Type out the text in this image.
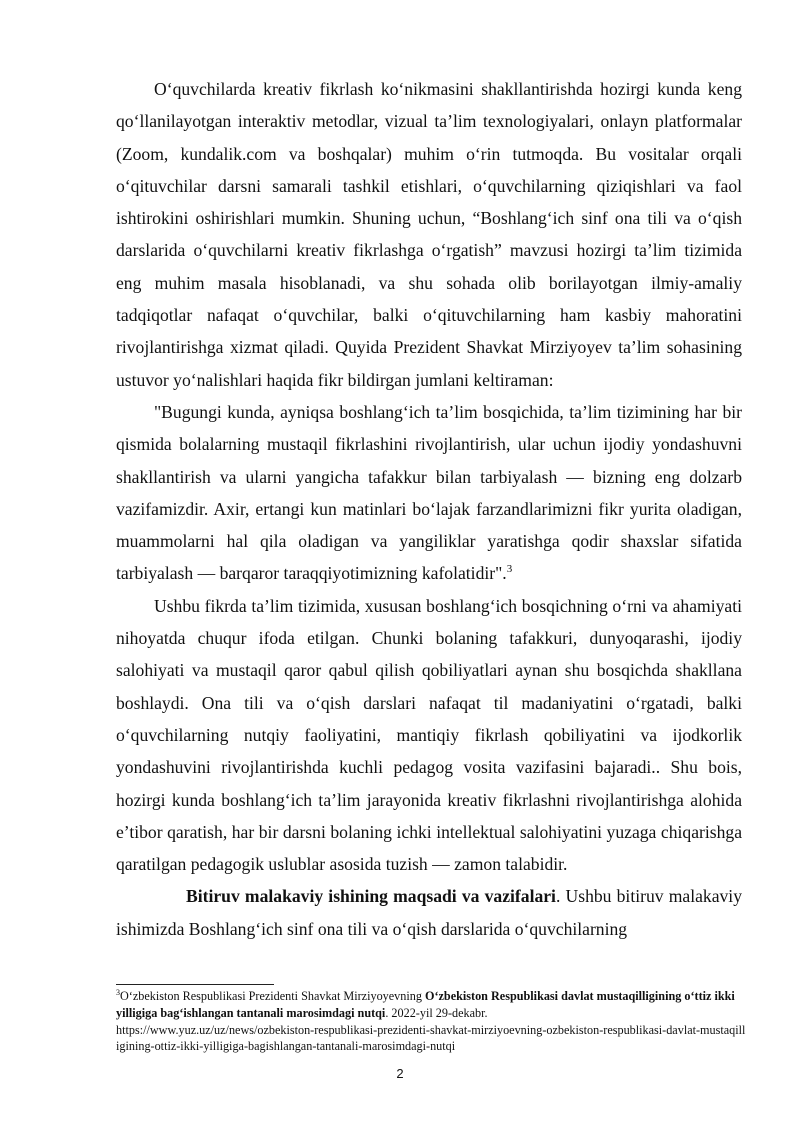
O‘quvchilarda kreativ fikrlash ko‘nikmasini shakllantirishda hozirgi kunda keng qo‘llanilayotgan interaktiv metodlar, vizual ta’lim texnologiyalari, onlayn platformalar (Zoom, kundalik.com va boshqalar) muhim o‘rin tutmoqda. Bu vositalar orqali o‘qituvchilar darsni samarali tashkil etishlari, o‘quvchilarning qiziqishlari va faol ishtirokini oshirishlari mumkin. Shuning uchun, “Boshlang‘ich sinf ona tili va o‘qish darslarida o‘quvchilarni kreativ fikrlashga o‘rgatish” mavzusi hozirgi ta’lim tizimida eng muhim masala hisoblanadi, va shu sohada olib borilayotgan ilmiy-amaliy tadqiqotlar nafaqat o‘quvchilar, balki o‘qituvchilarning ham kasbiy mahoratini rivojlantirishga xizmat qiladi. Quyida Prezident Shavkat Mirziyoyev ta’lim sohasining ustuvor yo‘nalishlari haqida fikr bildirgan jumlani keltiraman:

"Bugungi kunda, ayniqsa boshlang‘ich ta’lim bosqichida, ta’lim tizimining har bir qismida bolalarning mustaqil fikrlashini rivojlantirish, ular uchun ijodiy yondashuvni shakllantirish va ularni yangicha tafakkur bilan tarbiyalash — bizning eng dolzarb vazifamizdir. Axir, ertangi kun matinlari bo‘lajak farzandlarimizni fikr yurita oladigan, muammolarni hal qila oladigan va yangiliklar yaratishga qodir shaxslar sifatida tarbiyalash — barqaror taraqqiyotimizning kafolatidir".$^3$

Ushbu fikrda ta’lim tizimida, xususan boshlang‘ich bosqichning o‘rni va ahamiyati nihoyatda chuqur ifoda etilgan. Chunki bolaning tafakkuri, dunyoqarashi, ijodiy salohiyati va mustaqil qaror qabul qilish qobiliyatlari aynan shu bosqichda shakllana boshlaydi. Ona tili va o‘qish darslari nafaqat til madaniyatini o‘rgatadi, balki o‘quvchilarning nutqiy faoliyatini, mantiqiy fikrlash qobiliyatini va ijodkorlik yondashuvini rivojlantirishda kuchli pedagog vosita vazifasini bajaradi.. Shu bois, hozirgi kunda boshlang‘ich ta’lim jarayonida kreativ fikrlashni rivojlantirishga alohida e’tibor qaratish, har bir darsni bolaning ichki intellektual salohiyatini yuzaga chiqarishga qaratilgan pedagogik uslublar asosida tuzish — zamon talabidir.

Bitiruv malakaviy ishining maqsadi va vazifalari. Ushbu bitiruv malakaviy ishimizda Boshlang‘ich sinf ona tili va o‘qish darslarida o‘quvchilarning

$^3$O‘zbekiston Respublikasi Prezidenti Shavkat Mirziyoyevning O‘zbekiston Respublikasi davlat mustaqilligining o‘ttiz ikki yilligiga bag‘ishlangan tantanali marosimdagi nutqi. 2022-yil 29-dekabr.
https://www.yuz.uz/uz/news/ozbekiston-respublikasi-prezidenti-shavkat-mirziyoevning-ozbekiston-respublikasi-davlat-mustaqilligining-ottiz-ikki-yilligiga-bagishlangan-tantanali-marosimdagi-nutqi
2
